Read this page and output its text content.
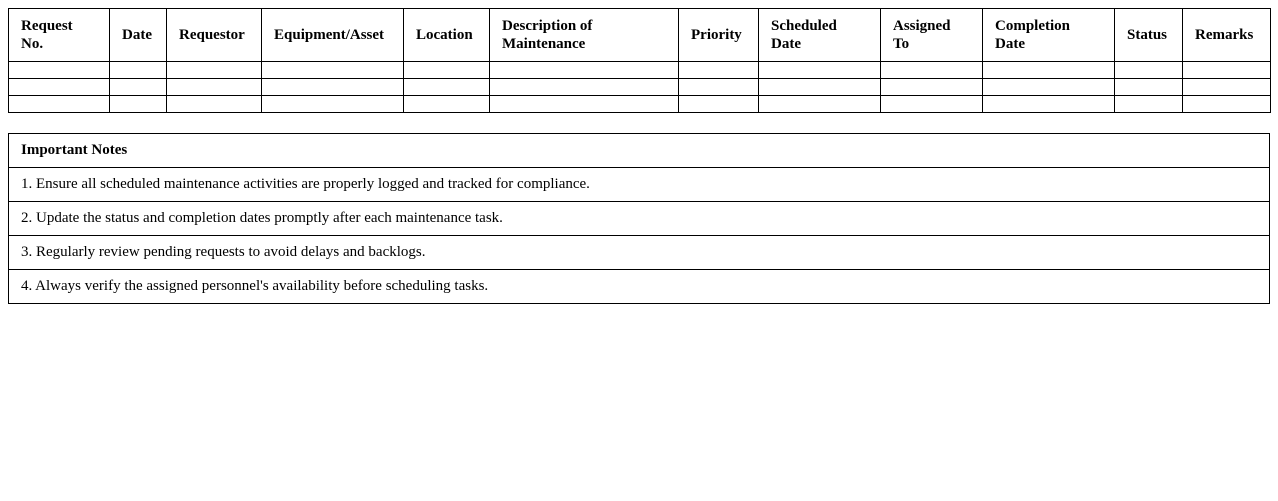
Request No.	Date	Requestor	Equipment/Asset	Location	Description of Maintenance	Priority	Scheduled Date	Assigned To	Completion Date	Status	Remarks

Important Notes
1. Ensure all scheduled maintenance activities are properly logged and tracked for compliance.
2. Update the status and completion dates promptly after each maintenance task.
3. Regularly review pending requests to avoid delays and backlogs.
4. Always verify the assigned personnel's availability before scheduling tasks.
